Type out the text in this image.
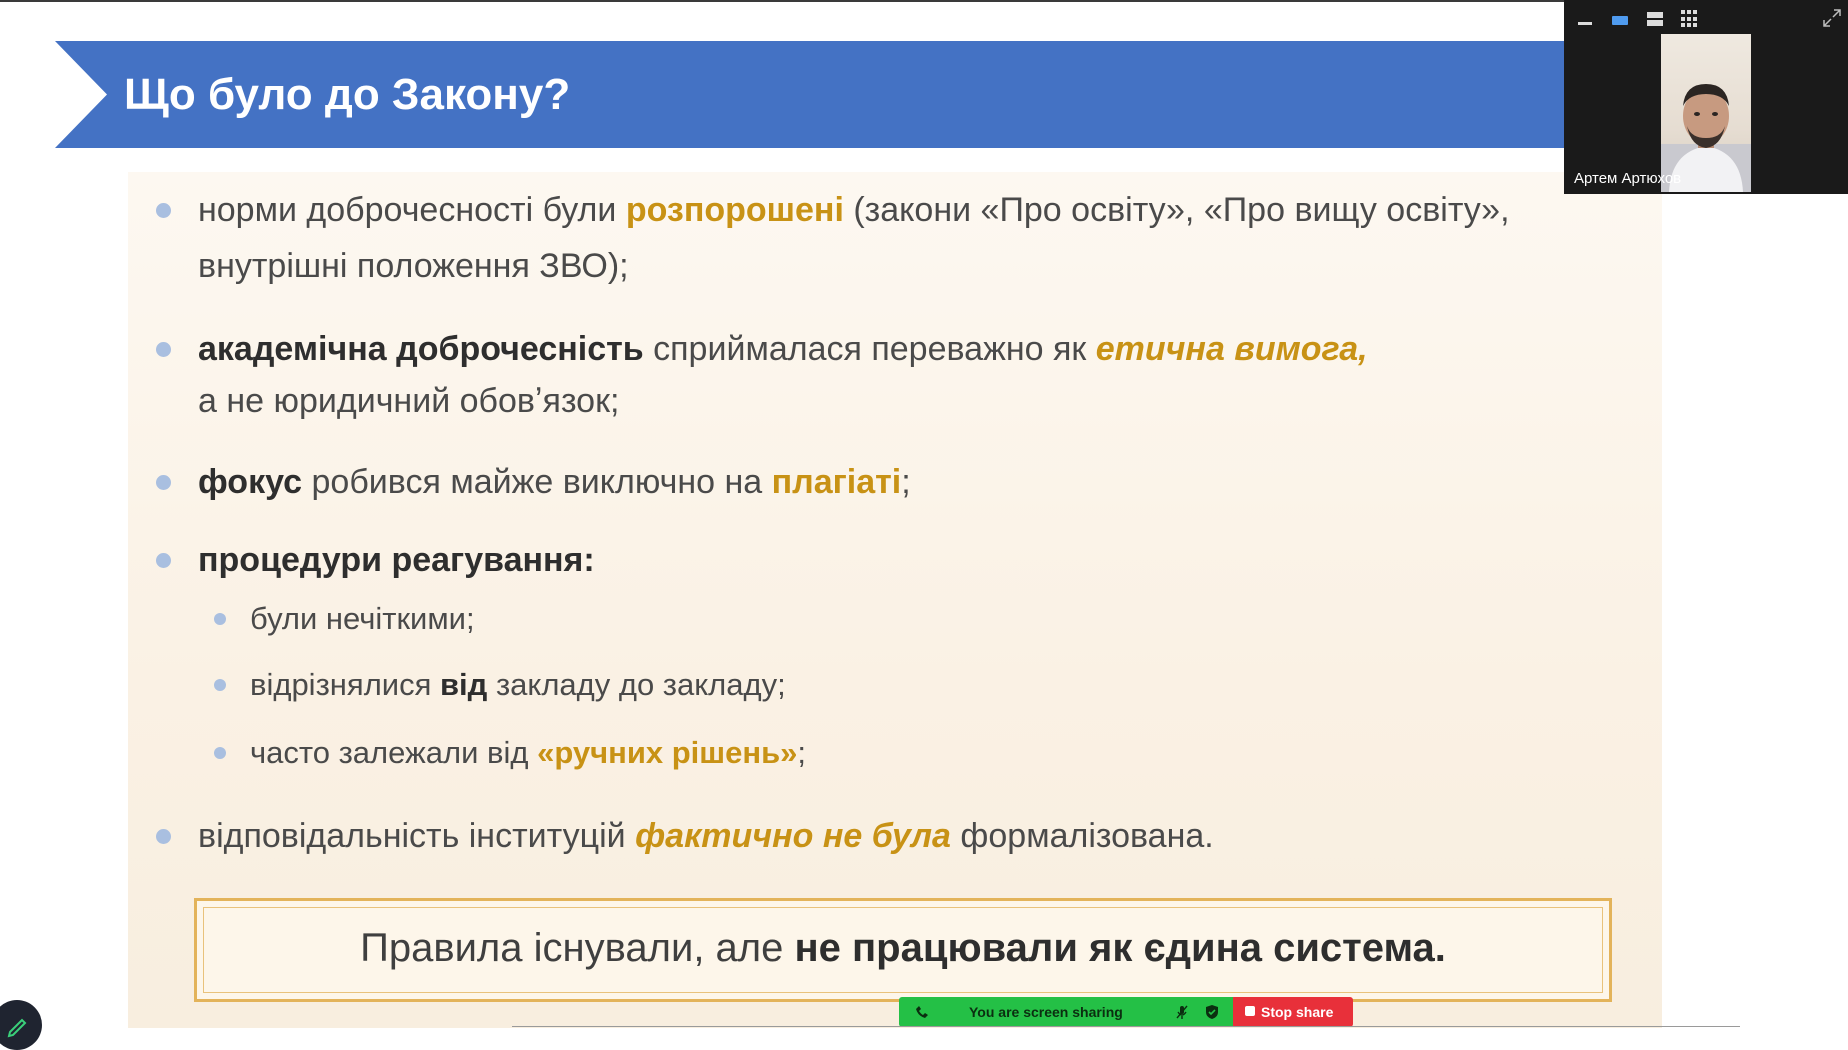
Що було до Закону?
норми доброчесності були розпорошені (закони «Про освіту», «Про вищу освіту»,
внутрішні положення ЗВО);
академічна доброчесність сприймалася переважно як етична вимога,
а не юридичний обовʼязок;
фокус робився майже виключно на плагіаті;
процедури реагування:
були нечіткими;
відрізнялися від закладу до закладу;
часто залежали від «ручних рішень»;
відповідальність інституцій фактично не була формалізована.
Правила існували, але не працювали як єдина система.
Артем Артюхов
You are screen sharing	Stop share
